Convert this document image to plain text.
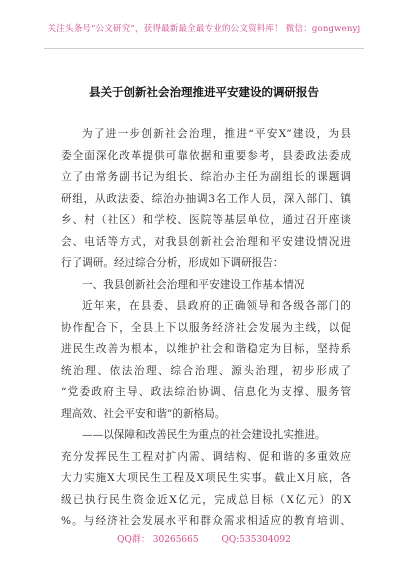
关注头条号“公文研究”，获得最新最全最专业的公文资料库！ 微信：gongwenyj
县关于创新社会治理推进平安建设的调研报告
为了进一步创新社会治理，推进“平安X”建设，为县
委全面深化改革提供可靠依据和重要参考，县委政法委成
立了由常务副书记为组长、综治办主任为副组长的课题调
研组，从政法委、综治办抽调3名工作人员，深入部门、镇
乡、村（社区）和学校、医院等基层单位，通过召开座谈
会、电话等方式，对我县创新社会治理和平安建设情况进
行了调研。经过综合分析，形成如下调研报告：
一、我县创新社会治理和平安建设工作基本情况
近年来，在县委、县政府的正确领导和各级各部门的
协作配合下，全县上下以服务经济社会发展为主线，以促
进民生改善为根本，以维护社会和谐稳定为目标，坚持系
统治理、依法治理、综合治理、源头治理，初步形成了
“党委政府主导、政法综治协调、信息化为支撑、服务管
理高效、社会平安和谐”的新格局。
——以保障和改善民生为重点的社会建设扎实推进。
充分发挥民生工程对扩内需、调结构、促和谐的多重效应
大力实施X大项民生工程及X项民生实事。截止X月底，各
级已执行民生资金近X亿元，完成总目标（X亿元）的X
%。与经济社会发展水平和群众需求相适应的教育培训、
QQ群： 30265665	QQ:535304092
